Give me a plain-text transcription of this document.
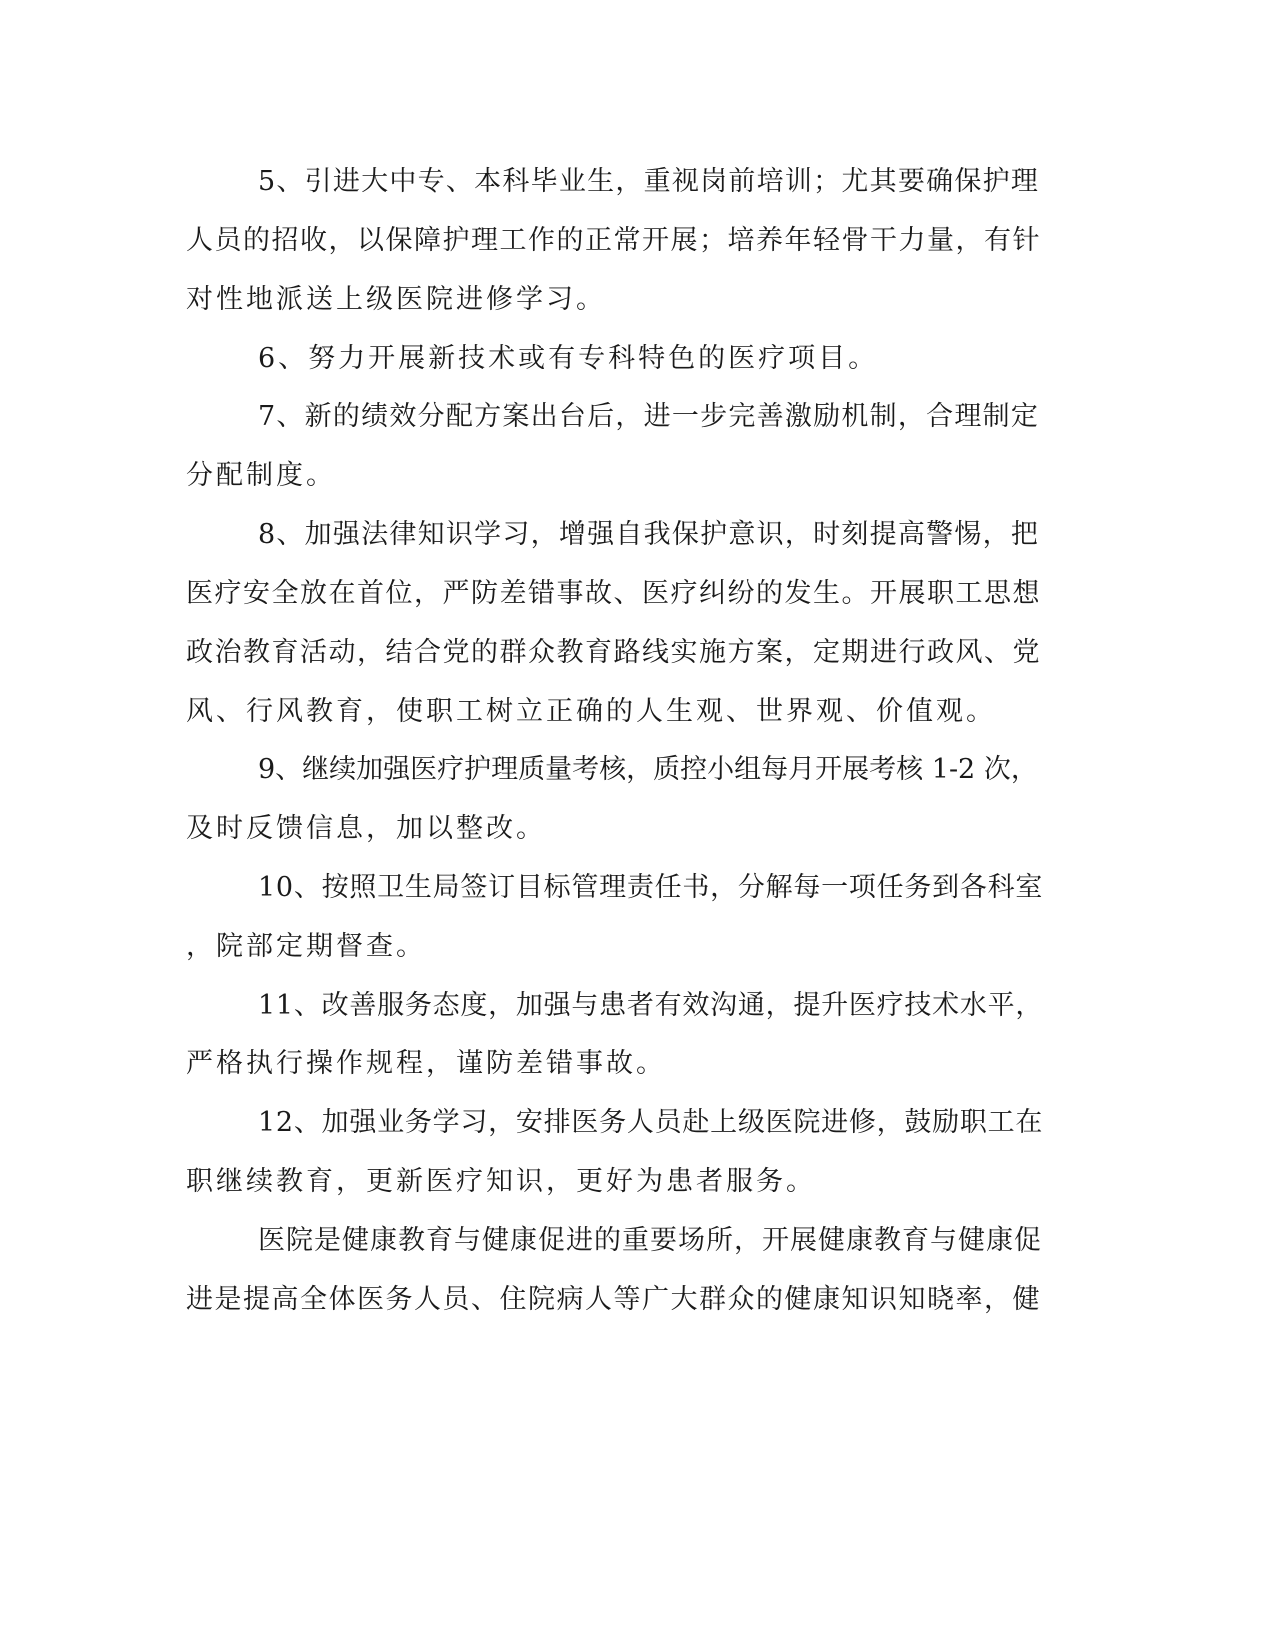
5、引进大中专、本科毕业生，重视岗前培训；尤其要确保护理
人员的招收，以保障护理工作的正常开展；培养年轻骨干力量，有针
对性地派送上级医院进修学习。
6、努力开展新技术或有专科特色的医疗项目。
7、新的绩效分配方案出台后，进一步完善激励机制，合理制定
分配制度。
8、加强法律知识学习，增强自我保护意识，时刻提高警惕，把
医疗安全放在首位，严防差错事故、医疗纠纷的发生。开展职工思想
政治教育活动，结合党的群众教育路线实施方案，定期进行政风、党
风、行风教育，使职工树立正确的人生观、世界观、价值观。
9、继续加强医疗护理质量考核，质控小组每月开展考核 1-2 次，
及时反馈信息，加以整改。
10、按照卫生局签订目标管理责任书，分解每一项任务到各科室
，院部定期督查。
11、改善服务态度，加强与患者有效沟通，提升医疗技术水平，
严格执行操作规程，谨防差错事故。
12、加强业务学习，安排医务人员赴上级医院进修，鼓励职工在
职继续教育，更新医疗知识，更好为患者服务。
医院是健康教育与健康促进的重要场所，开展健康教育与健康促
进是提高全体医务人员、住院病人等广大群众的健康知识知晓率，健
